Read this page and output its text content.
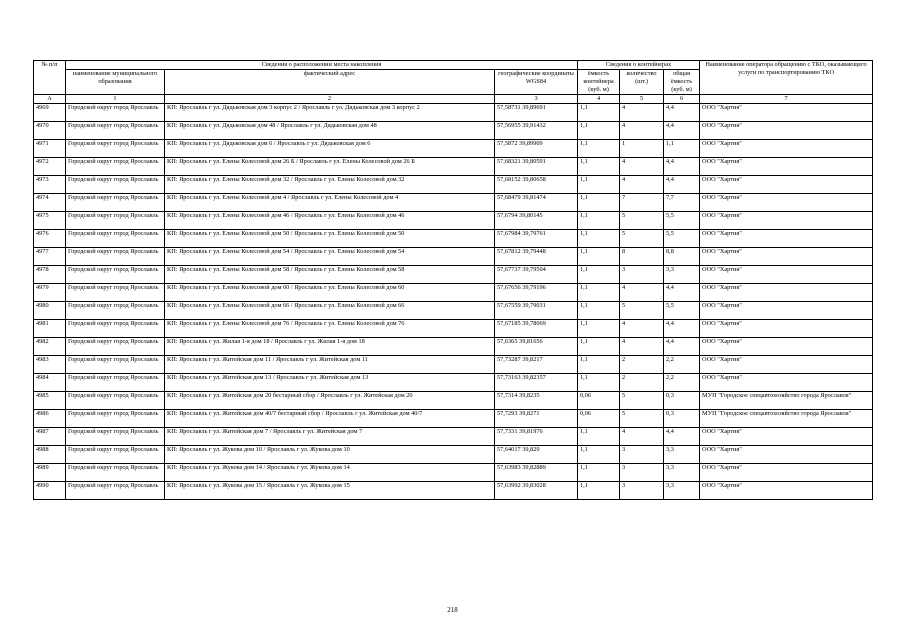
№ п/п	Сведения о расположении места накопления			Сведения о контейнерах			Наименование оператора обращению с ТКО, оказывающего услуги по транспортированию ТКО
	наименование муниципального образования	фактический адрес	географические координаты WGS84	ёмкость контейнера (куб. м)	количество (шт.)	общая ёмкость (куб. м)	
А	1	2	3	4	5	6	7
4969	Городской округ город Ярославль	КП: Ярославль г ул. Дядьковская дом 3 корпус 2 / Ярославль г ул. Дядьковская дом 3 корпус 2	57,58731 39,89691	1,1	4	4,4	ООО "Хартия"
4970	Городской округ город Ярославль	КП: Ярославль г ул. Дядьковская дом 48 / Ярославль г ул. Дядьковская дом 48	57,56955 39,91432	1,1	4	4,4	ООО "Хартия"
4971	Городской округ город Ярославль	КП: Ярославль г ул. Дядьковская дом 6 / Ярославль г ул. Дядьковская дом 6	57,5872 39,89909	1,1	1	1,1	ООО "Хартия"
4972	Городской округ город Ярославль	КП: Ярославль г ул. Елены Колесовой дом 26 Б / Ярославль г ул. Елены Колесовой дом 26 Б	57,68321 39,80591	1,1	4	4,4	ООО "Хартия"
4973	Городской округ город Ярославль	КП: Ярославль г ул. Елены Колесовой дом 32 / Ярославль г ул. Елены Колесовой дом 32	57,68152 39,80658	1,1	4	4,4	ООО "Хартия"
4974	Городской округ город Ярославль	КП: Ярославль г ул. Елены Колесовой дом 4 / Ярославль г ул. Елены Колесовой дом 4	57,68479 39,81474	1,1	7	7,7	ООО "Хартия"
4975	Городской округ город Ярославль	КП: Ярославль г ул. Елены Колесовой дом 46 / Ярославль г ул. Елены Колесовой дом 46	57,6794 39,80145	1,1	5	5,5	ООО "Хартия"
4976	Городской округ город Ярославль	КП: Ярославль г ул. Елены Колесовой дом 50 / Ярославль г ул. Елены Колесовой дом 50	57,67984 39,79761	1,1	5	5,5	ООО "Хартия"
4977	Городской округ город Ярославль	КП: Ярославль г ул. Елены Колесовой дом 54 / Ярославль г ул. Елены Колесовой дом 54	57,67812 39,79448	1,1	8	8,8	ООО "Хартия"
4978	Городской округ город Ярославль	КП: Ярославль г ул. Елены Колесовой дом 58 / Ярославль г ул. Елены Колесовой дом 58	57,67737 39,79504	1,1	3	3,3	ООО "Хартия"
4979	Городской округ город Ярославль	КП: Ярославль г ул. Елены Колесовой дом 60 / Ярославль г ул. Елены Колесовой дом 60	57,67656 39,79196	1,1	4	4,4	ООО "Хартия"
4980	Городской округ город Ярославль	КП: Ярославль г ул. Елены Колесовой дом 66 / Ярославль г ул. Елены Колесовой дом 66	57,67559 39,79031	1,1	5	5,5	ООО "Хартия"
4981	Городской округ город Ярославль	КП: Ярославль г ул. Елены Колесовой дом 76 / Ярославль г ул. Елены Колесовой дом 76	57,67185 39,78069	1,1	4	4,4	ООО "Хартия"
4982	Городской округ город Ярославль	КП: Ярославль г ул. Жилая 1-я дом 18 / Ярославль г ул. Жилая 1-я дом 18	57,6365 39,81656	1,1	4	4,4	ООО "Хартия"
4983	Городской округ город Ярославль	КП: Ярославль г ул. Житейская дом 11 / Ярославль г ул. Житейская дом 11	57,73287 39,8217	1,1	2	2,2	ООО "Хартия"
4984	Городской округ город Ярославль	КП: Ярославль г ул. Житейская дом 13 / Ярославль г ул. Житейская дом 13	57,73163 39,82357	1,1	2	2,2	ООО "Хартия"
4985	Городской округ город Ярославль	КП: Ярославль г ул. Житейская дом 20 бестарный сбор / Ярославль г ул. Житейская дом 20	57,7314 39,8235	0,06	5	0,3	МУП "Городское спецавтохозяйство города Ярославля"
4986	Городской округ город Ярославль	КП: Ярославль г ул. Житейская дом 40/7 бестарный сбор / Ярославль г ул. Житейская дом 40/7	57,7293 39,8271	0,06	5	0,3	МУП "Городское спецавтохозяйство города Ярославля"
4987	Городской округ город Ярославль	КП: Ярославль г ул. Житейская дом 7 / Ярославль г ул. Житейская дом 7	57,7331 39,81976	1,1	4	4,4	ООО "Хартия"
4988	Городской округ город Ярославль	КП: Ярославль г ул. Жукова дом 10 / Ярославль г ул. Жукова дом 10	57,64017 39,829	1,1	3	3,3	ООО "Хартия"
4989	Городской округ город Ярославль	КП: Ярославль г ул. Жукова дом 14 / Ярославль г ул. Жукова дом 14	57,63983 39,82889	1,1	3	3,3	ООО "Хартия"
4990	Городской округ город Ярославль	КП: Ярославль г ул. Жукова дом 15 / Ярославль г ул. Жукова дом 15	57,63992 39,83028	1,1	3	3,3	ООО "Хартия"
218
